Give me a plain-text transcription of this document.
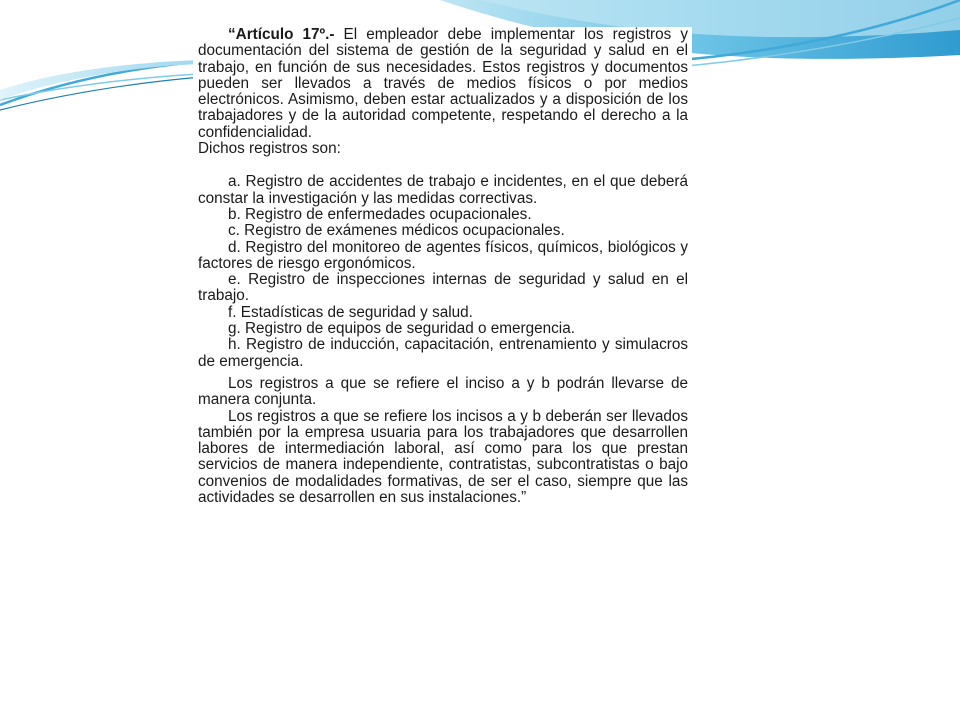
“Artículo 17º.- El empleador debe implementar los registros y documentación del sistema de gestión de la seguridad y salud en el trabajo, en función de sus necesidades. Estos registros y documentos pueden ser llevados a través de medios físicos o por medios electrónicos. Asimismo, deben estar actualizados y a disposición de los trabajadores y de la autoridad competente, respetando el derecho a la confidencialidad.

Dichos registros son:

a. Registro de accidentes de trabajo e incidentes, en el que deberá constar la investigación y las medidas correctivas.
b. Registro de enfermedades ocupacionales.
c. Registro de exámenes médicos ocupacionales.
d. Registro del monitoreo de agentes físicos, químicos, biológicos y factores de riesgo ergonómicos.
e. Registro de inspecciones internas de seguridad y salud en el trabajo.
f. Estadísticas de seguridad y salud.
g. Registro de equipos de seguridad o emergencia.
h. Registro de inducción, capacitación, entrenamiento y simulacros de emergencia.

Los registros a que se refiere el inciso a y b podrán llevarse de manera conjunta.

Los registros a que se refiere los incisos a y b deberán ser llevados también por la empresa usuaria para los trabajadores que desarrollen labores de intermediación laboral, así como para los que prestan servicios de manera independiente, contratistas, subcontratistas o bajo convenios de modalidades formativas, de ser el caso, siempre que las actividades se desarrollen en sus instalaciones.”
